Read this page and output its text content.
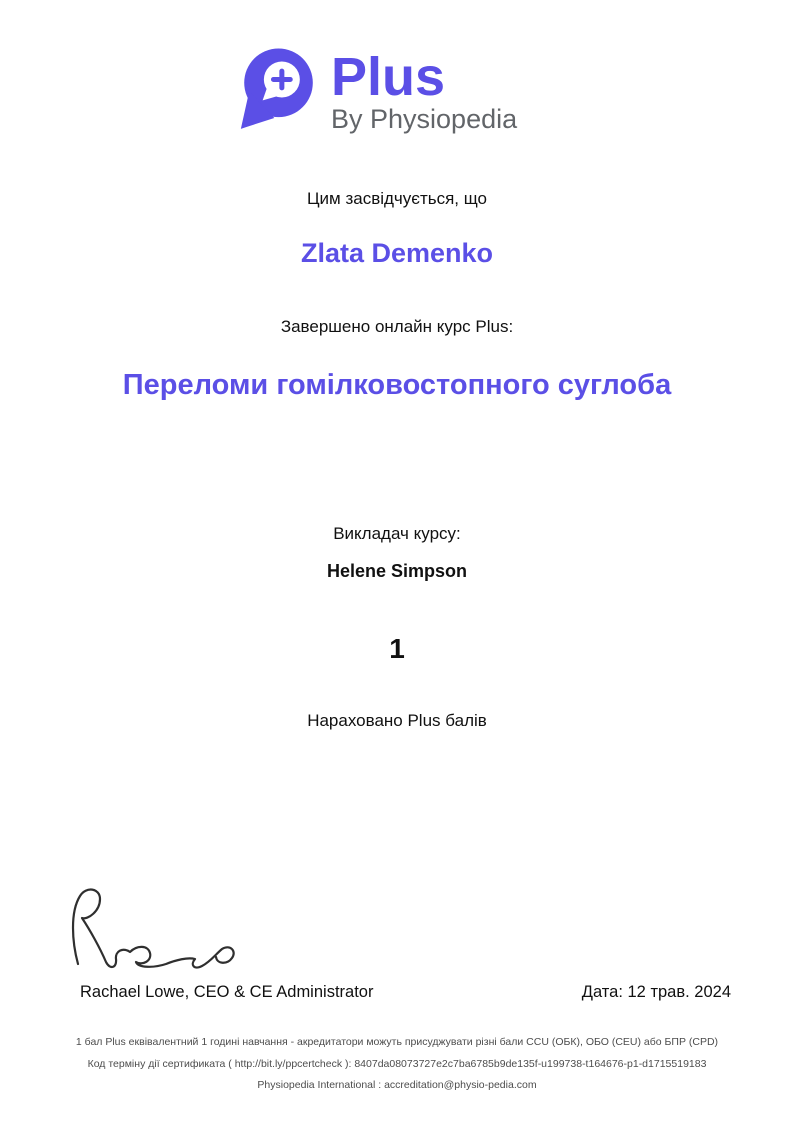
Plus
By Physiopedia
Цим засвідчується, що
Zlata Demenko
Завершено онлайн курс Plus:
Переломи гомілковостопного суглоба
Викладач курсу:
Helene Simpson
1
Нараховано Plus балів
Rachael Lowe, CEO & CE Administrator	Дата: 12 трав. 2024
1 бал Plus еквівалентний 1 годині навчання - акредитатори можуть присуджувати різні бали CCU (ОБК), ОБО (CEU) або БПР (CPD)
Код терміну дії сертификата ( http://bit.ly/ppcertcheck ): 8407da08073727e2c7ba6785b9de135f-u199738-t164676-p1-d1715519183
Physiopedia International : accreditation@physio-pedia.com
